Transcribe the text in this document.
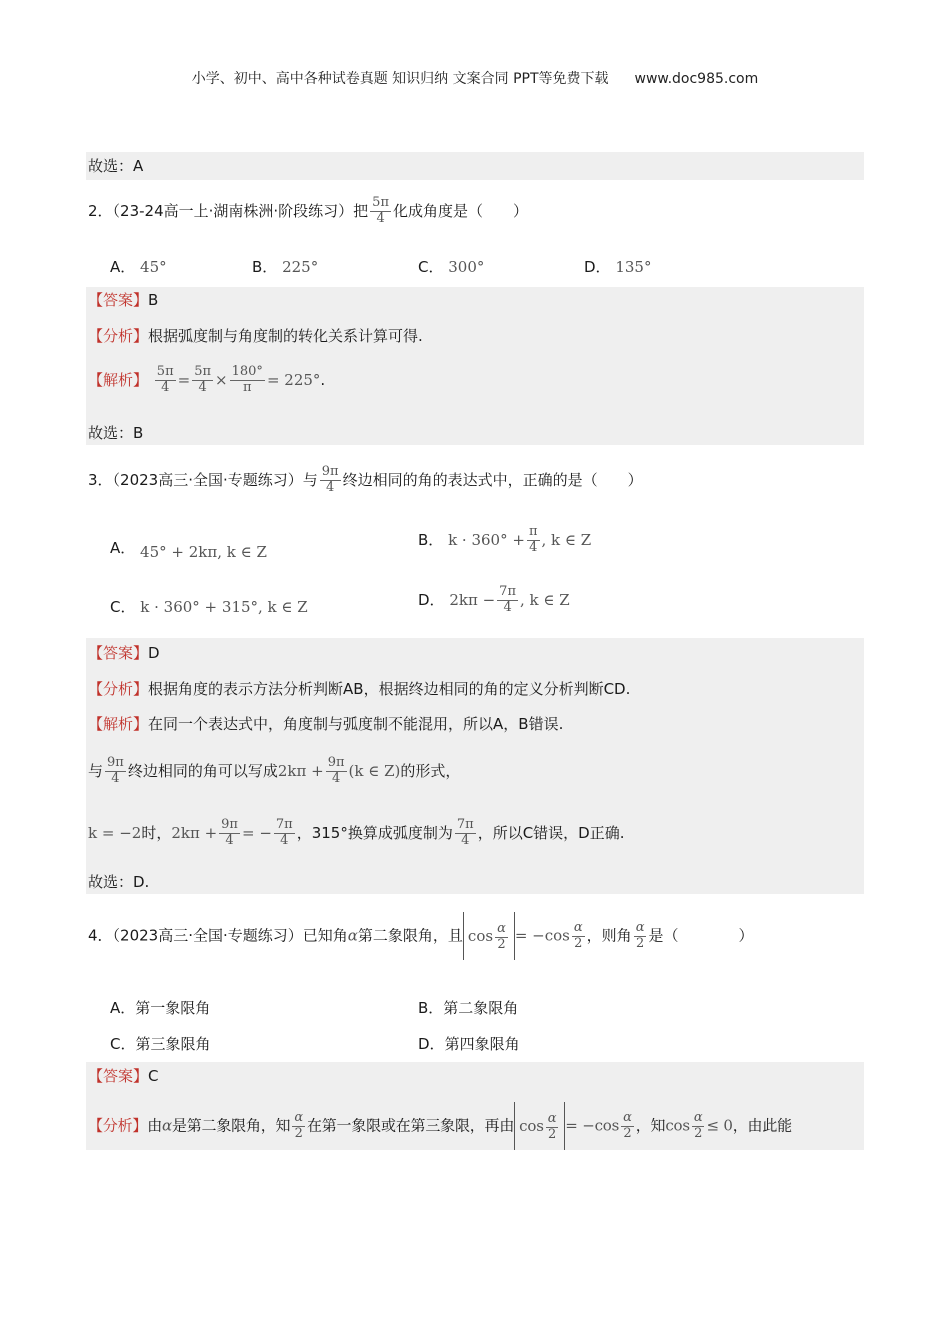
小学、初中、高中各种试卷真题 知识归纳 文案合同 PPT等免费下载 www.doc985.com
故选：A
2．（23-24高一上·湖南株洲·阶段练习）把 $\frac{5\pi}{4}$ 化成角度是（　　）
A． 45°	B． 225°	C． 300°	D． 135°
【答案】B
【分析】根据弧度制与角度制的转化关系计算可得.
【解析】 $\frac{5\pi}{4} = \frac{5\pi}{4} \times \frac{180^\circ}{\pi} = 225^\circ$.
故选：B
3．（2023高三·全国·专题练习）与 $\frac{9\pi}{4}$ 终边相同的角的表达式中，正确的是（　　）
A． 45° + 2kπ, k ∈ Z
B． $k \cdot 360^\circ + \frac{\pi}{4}$ , k ∈ Z
C． k · 360° + 315°, k ∈ Z	D． $2k\pi - \frac{7\pi}{4}$ , k ∈ Z
【答案】D
【分析】根据角度的表示方法分析判断AB，根据终边相同的角的定义分析判断CD.
【解析】在同一个表达式中，角度制与弧度制不能混用，所以A，B错误.
与 $\frac{9\pi}{4}$ 终边相同的角可以写成$2k\pi + \frac{9\pi}{4} (k$ ∈ Z)的形式，
k = −2时，$2k\pi + \frac{9\pi}{4}$ = − $\frac{7\pi}{4}$ ，315°换算成弧度制为 $\frac{7\pi}{4}$ ，所以C错误，D正确.
故选：D.
4．（2023高三·全国·专题练习）已知角α第二象限角，且 $\cos \frac{\alpha}{2} = -\cos \frac{\alpha}{2}$ ，则角 $\frac{\alpha}{2}$ 是（　　　　）
A．第一象限角	B．第二象限角
C．第三象限角	D．第四象限角
【答案】C
【分析】由α是第二象限角，知 $\frac{\alpha}{2}$ 在第一象限或在第三象限，再由 $\cos \frac{\alpha}{2} = -\cos \frac{\alpha}{2}$ ，知$\cos \frac{\alpha}{2} \le 0$，由此能
